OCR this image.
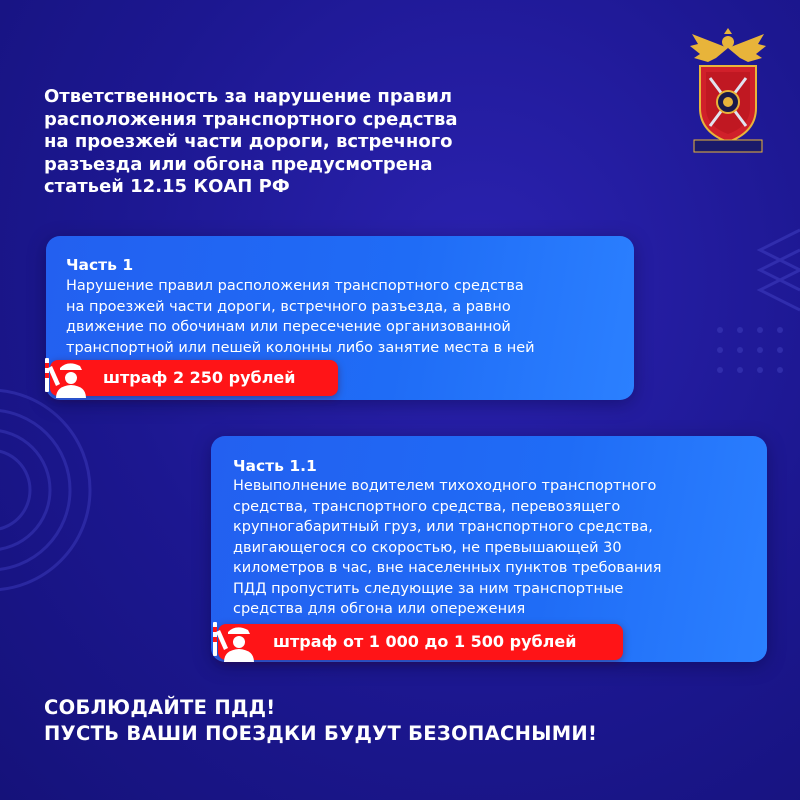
Ответственность за нарушение правил
расположения транспортного средства
на проезжей части дороги, встречного
разъезда или обгона предусмотрена
статьей 12.15 КОАП РФ
Часть 1
Нарушение правил расположения транспортного средства
на проезжей части дороги, встречного разъезда, а равно
движение по обочинам или пересечение организованной
транспортной или пешей колонны либо занятие места в ней
штраф 2 250 рублей
Часть 1.1
Невыполнение водителем тихоходного транспортного
средства, транспортного средства, перевозящего
крупногабаритный груз, или транспортного средства,
двигающегося со скоростью, не превышающей 30
километров в час, вне населенных пунктов требования
ПДД пропустить следующие за ним транспортные
средства для обгона или опережения
штраф от 1 000 до 1 500 рублей
СОБЛЮДАЙТЕ ПДД!
ПУСТЬ ВАШИ ПОЕЗДКИ БУДУТ БЕЗОПАСНЫМИ!
